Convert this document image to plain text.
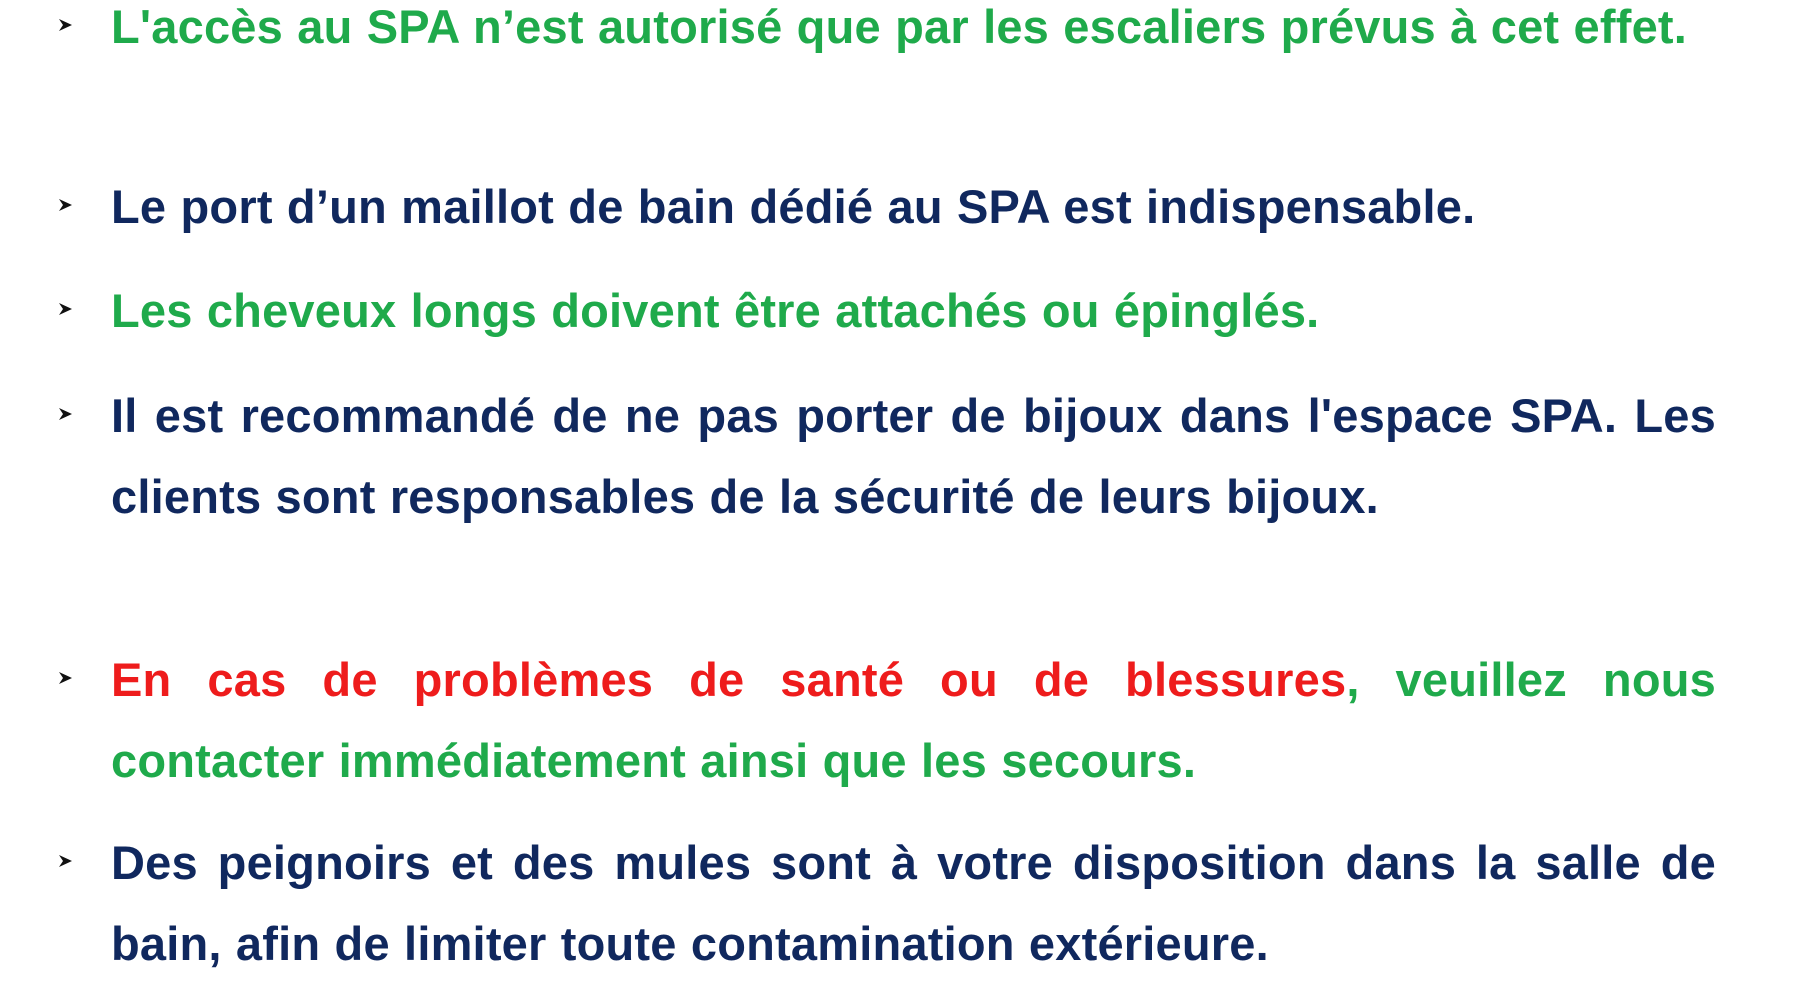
L'accès au SPA n’est autorisé que par les escaliers prévus à cet effet.
Le port d’un maillot de bain dédié au SPA est indispensable.
Les cheveux longs doivent être attachés ou épinglés.
Il est recommandé de ne pas porter de bijoux dans l'espace SPA. Les clients sont responsables de la sécurité de leurs bijoux.
En cas de problèmes de santé ou de blessures, veuillez nous contacter immédiatement ainsi que les secours.
Des peignoirs et des mules sont à votre disposition dans la salle de bain, afin de limiter toute contamination extérieure.
